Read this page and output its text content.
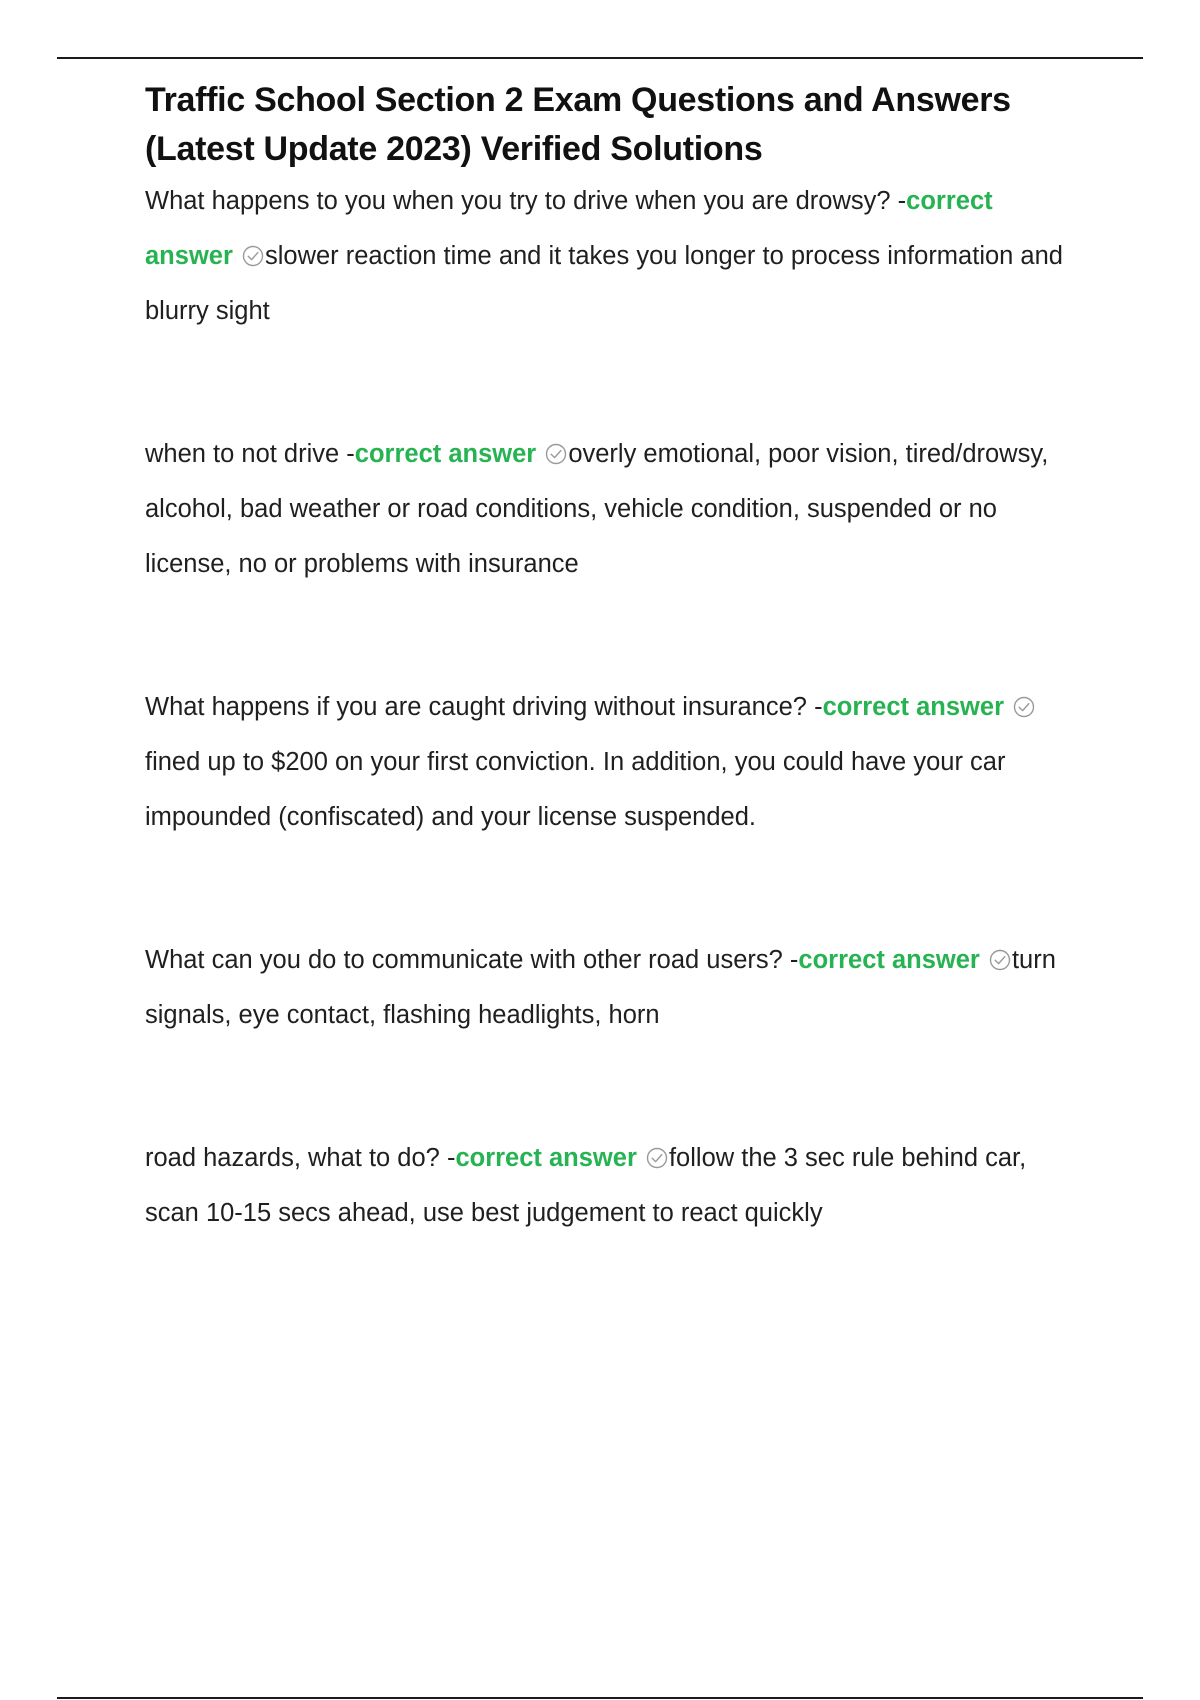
Traffic School Section 2 Exam Questions and Answers (Latest Update 2023) Verified Solutions

What happens to you when you try to drive when you are drowsy? -correct answer slower reaction time and it takes you longer to process information and blurry sight

when to not drive -correct answer overly emotional, poor vision, tired/drowsy, alcohol, bad weather or road conditions, vehicle condition, suspended or no license, no or problems with insurance

What happens if you are caught driving without insurance? -correct answer
fined up to $200 on your first conviction. In addition, you could have your car impounded (confiscated) and your license suspended.

What can you do to communicate with other road users? -correct answer turn signals, eye contact, flashing headlights, horn

road hazards, what to do? -correct answer follow the 3 sec rule behind car, scan 10-15 secs ahead, use best judgement to react quickly
